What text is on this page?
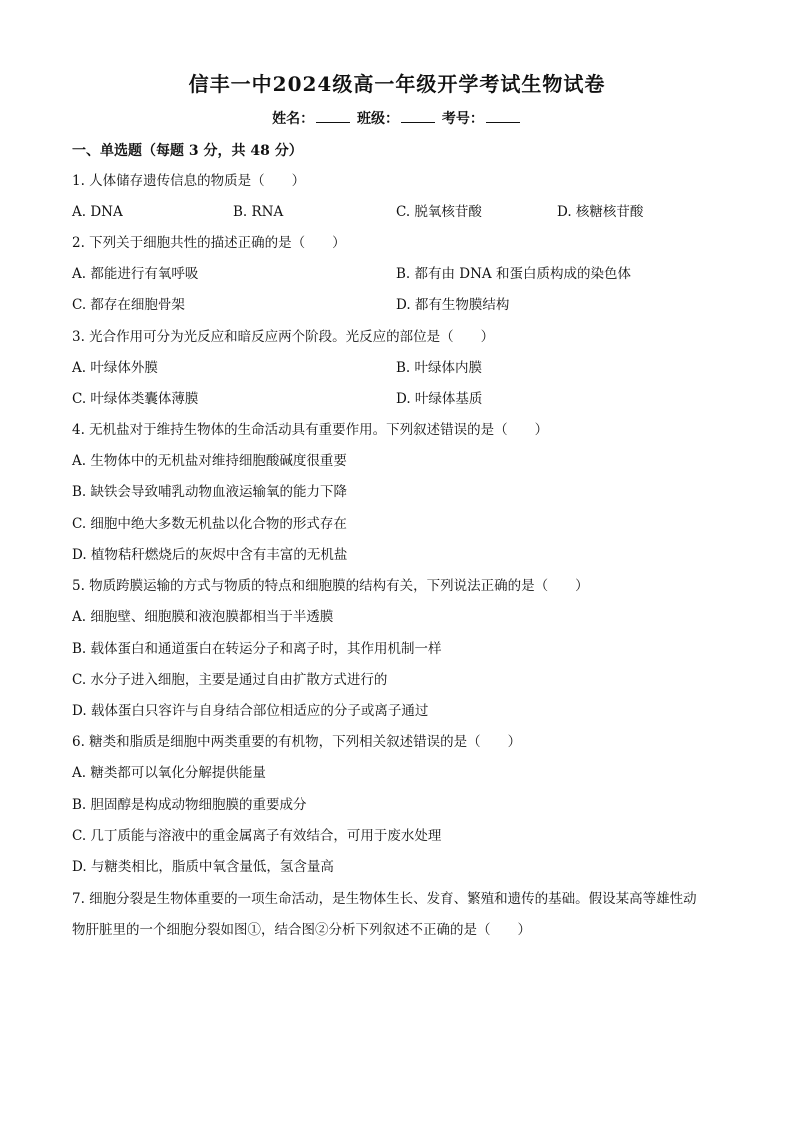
信丰一中2024级高一年级开学考试生物试卷
姓名：	班级：	考号：
一、单选题（每题 3 分，共 48 分）
1. 人体储存遗传信息的物质是（　　）
A. DNA	B. RNA	C. 脱氧核苷酸	D. 核糖核苷酸
2. 下列关于细胞共性的描述正确的是（　　）
A. 都能进行有氧呼吸	B. 都有由 DNA 和蛋白质构成的染色体
C. 都存在细胞骨架	D. 都有生物膜结构
3. 光合作用可分为光反应和暗反应两个阶段。光反应的部位是（　　）
A. 叶绿体外膜	B. 叶绿体内膜
C. 叶绿体类囊体薄膜	D. 叶绿体基质
4. 无机盐对于维持生物体的生命活动具有重要作用。下列叙述错误的是（　　）
A. 生物体中的无机盐对维持细胞酸碱度很重要
B. 缺铁会导致哺乳动物血液运输氧的能力下降
C. 细胞中绝大多数无机盐以化合物的形式存在
D. 植物秸秆燃烧后的灰烬中含有丰富的无机盐
5. 物质跨膜运输的方式与物质的特点和细胞膜的结构有关，下列说法正确的是（　　）
A. 细胞壁、细胞膜和液泡膜都相当于半透膜
B. 载体蛋白和通道蛋白在转运分子和离子时，其作用机制一样
C. 水分子进入细胞，主要是通过自由扩散方式进行的
D. 载体蛋白只容许与自身结合部位相适应的分子或离子通过
6. 糖类和脂质是细胞中两类重要的有机物，下列相关叙述错误的是（　　）
A. 糖类都可以氧化分解提供能量
B. 胆固醇是构成动物细胞膜的重要成分
C. 几丁质能与溶液中的重金属离子有效结合，可用于废水处理
D. 与糖类相比，脂质中氧含量低，氢含量高
7. 细胞分裂是生物体重要的一项生命活动，是生物体生长、发育、繁殖和遗传的基础。假设某高等雄性动
物肝脏里的一个细胞分裂如图①，结合图②分析下列叙述不正确的是（　　）
